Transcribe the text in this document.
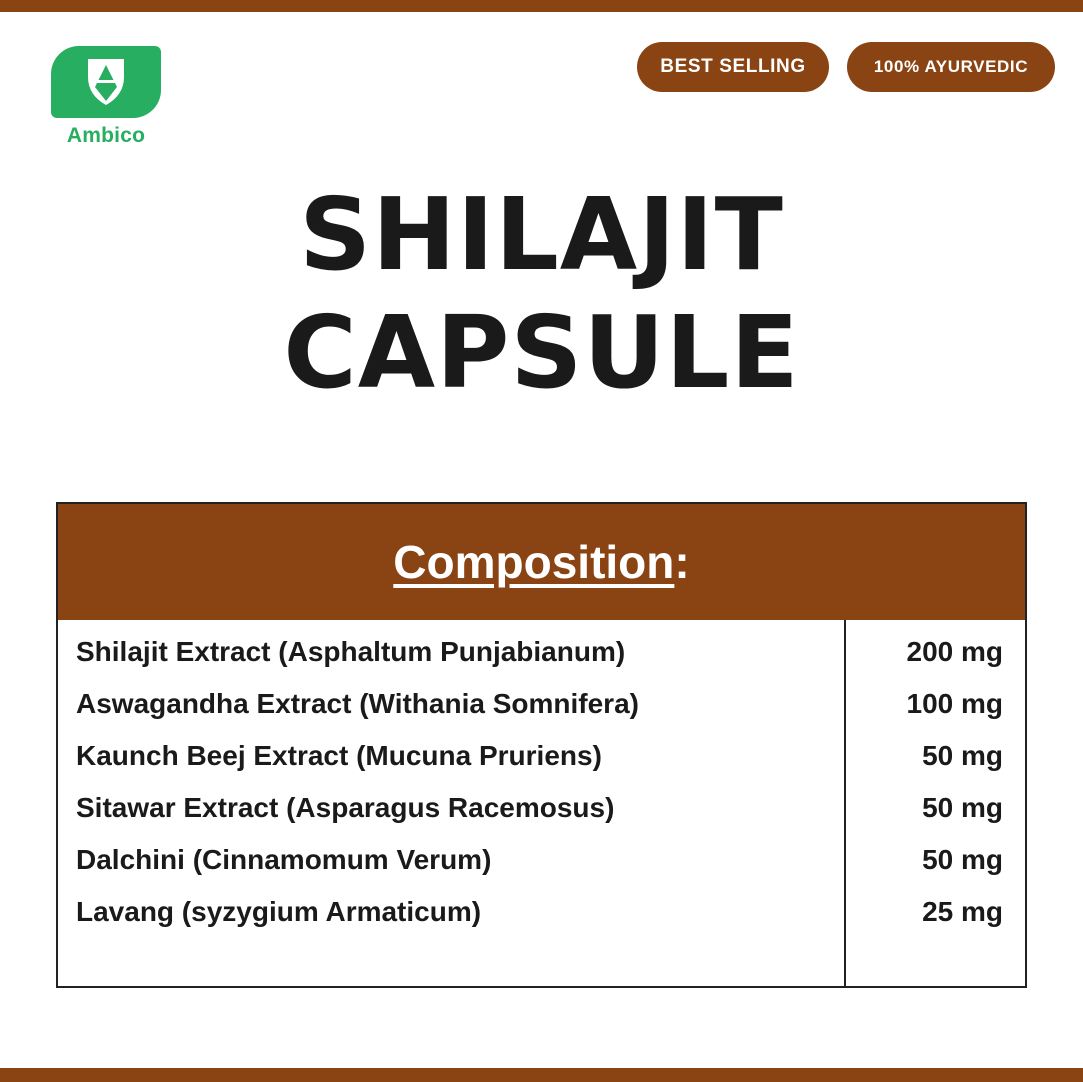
Ambico
BEST SELLING	100% AYURVEDIC
SHILAJIT
CAPSULE
Composition:
Shilajit Extract (Asphaltum Punjabianum)	200 mg
Aswagandha Extract (Withania Somnifera)	100 mg
Kaunch Beej Extract (Mucuna Pruriens)	50 mg
Sitawar Extract (Asparagus Racemosus)	50 mg
Dalchini (Cinnamomum Verum)	50 mg
Lavang (syzygium Armaticum)	25 mg
